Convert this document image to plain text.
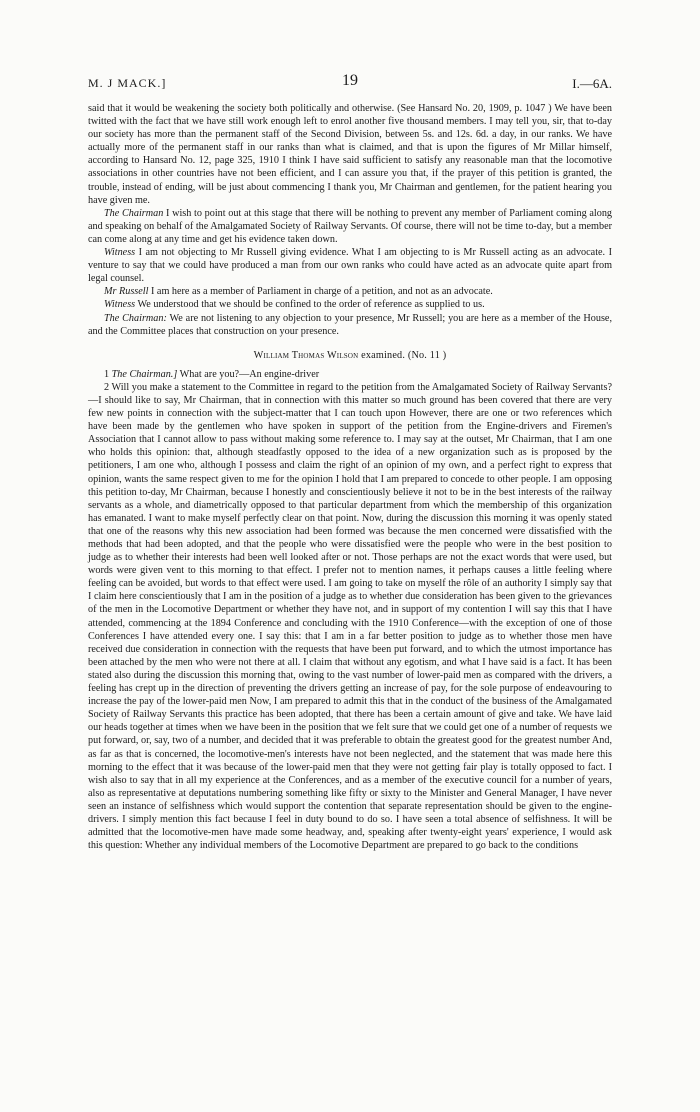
M. J MACK.]	19	I.—6A.

said that it would be weakening the society both politically and otherwise. (See Hansard No. 20, 1909, p. 1047 ) We have been twitted with the fact that we have still work enough left to enrol another five thousand members. I may tell you, sir, that to-day our society has more than the permanent staff of the Second Division, between 5s. and 12s. 6d. a day, in our ranks. We have actually more of the permanent staff in our ranks than what is claimed, and that is upon the figures of Mr Millar himself, according to Hansard No. 12, page 325, 1910 I think I have said sufficient to satisfy any reasonable man that the locomotive associations in other countries have not been efficient, and I can assure you that, if the prayer of this petition is granted, the trouble, instead of ending, will be just about commencing I thank you, Mr Chairman and gentlemen, for the patient hearing you have given me.

The Chairman I wish to point out at this stage that there will be nothing to prevent any member of Parliament coming along and speaking on behalf of the Amalgamated Society of Railway Servants. Of course, there will not be time to-day, but a member can come along at any time and get his evidence taken down.

Witness I am not objecting to Mr Russell giving evidence. What I am objecting to is Mr Russell acting as an advocate. I venture to say that we could have produced a man from our own ranks who could have acted as an advocate quite apart from legal counsel.

Mr Russell I am here as a member of Parliament in charge of a petition, and not as an advocate.

Witness We understood that we should be confined to the order of reference as supplied to us.

The Chairman: We are not listening to any objection to your presence, Mr Russell; you are here as a member of the House, and the Committee places that construction on your presence.

William Thomas Wilson examined. (No. 11 )

1 The Chairman.] What are you?—An engine-driver

2 Will you make a statement to the Committee in regard to the petition from the Amalgamated Society of Railway Servants?—I should like to say, Mr Chairman, that in connection with this matter so much ground has been covered that there are very few new points in connection with the subject-matter that I can touch upon However, there are one or two references which have been made by the gentlemen who have spoken in support of the petition from the Engine-drivers and Firemen's Association that I cannot allow to pass without making some reference to. I may say at the outset, Mr Chairman, that I am one who holds this opinion: that, although steadfastly opposed to the idea of a new organization such as is proposed by the petitioners, I am one who, although I possess and claim the right of an opinion of my own, and a perfect right to express that opinion, wants the same respect given to me for the opinion I hold that I am prepared to concede to other people. I am opposing this petition to-day, Mr Chairman, because I honestly and conscientiously believe it not to be in the best interests of the railway servants as a whole, and diametrically opposed to that particular department from which the membership of this organization has emanated. I want to make myself perfectly clear on that point. Now, during the discussion this morning it was openly stated that one of the reasons why this new association had been formed was because the men concerned were dissatisfied with the methods that had been adopted, and that the people who were dissatisfied were the people who were in the best position to judge as to whether their interests had been well looked after or not. Those perhaps are not the exact words that were used, but words were given vent to this morning to that effect. I prefer not to mention names, it perhaps causes a little feeling where feeling can be avoided, but words to that effect were used. I am going to take on myself the rôle of an authority I simply say that I claim here conscientiously that I am in the position of a judge as to whether due consideration has been given to the grievances of the men in the Locomotive Department or whether they have not, and in support of my contention I will say this that I have attended, commencing at the 1894 Conference and concluding with the 1910 Conference—with the exception of one of those Conferences I have attended every one. I say this: that I am in a far better position to judge as to whether those men have received due consideration in connection with the requests that have been put forward, and to which the utmost importance has been attached by the men who were not there at all. I claim that without any egotism, and what I have said is a fact. It has been stated also during the discussion this morning that, owing to the vast number of lower-paid men as compared with the drivers, a feeling has crept up in the direction of preventing the drivers getting an increase of pay, for the sole purpose of endeavouring to increase the pay of the lower-paid men Now, I am prepared to admit this that in the conduct of the business of the Amalgamated Society of Railway Servants this practice has been adopted, that there has been a certain amount of give and take. We have laid our heads together at times when we have been in the position that we felt sure that we could get one of a number of requests we put forward, or, say, two of a number, and decided that it was preferable to obtain the greatest good for the greatest number And, as far as that is concerned, the locomotive-men's interests have not been neglected, and the statement that was made here this morning to the effect that it was because of the lower-paid men that they were not getting fair play is totally opposed to fact. I wish also to say that in all my experience at the Conferences, and as a member of the executive council for a number of years, also as representative at deputations numbering something like fifty or sixty to the Minister and General Manager, I have never seen an instance of selfishness which would support the contention that separate representation should be given to the engine-drivers. I simply mention this fact because I feel in duty bound to do so. I have seen a total absence of selfishness. It will be admitted that the locomotive-men have made some headway, and, speaking after twenty-eight years' experience, I would ask this question: Whether any individual members of the Locomotive Department are prepared to go back to the conditions
